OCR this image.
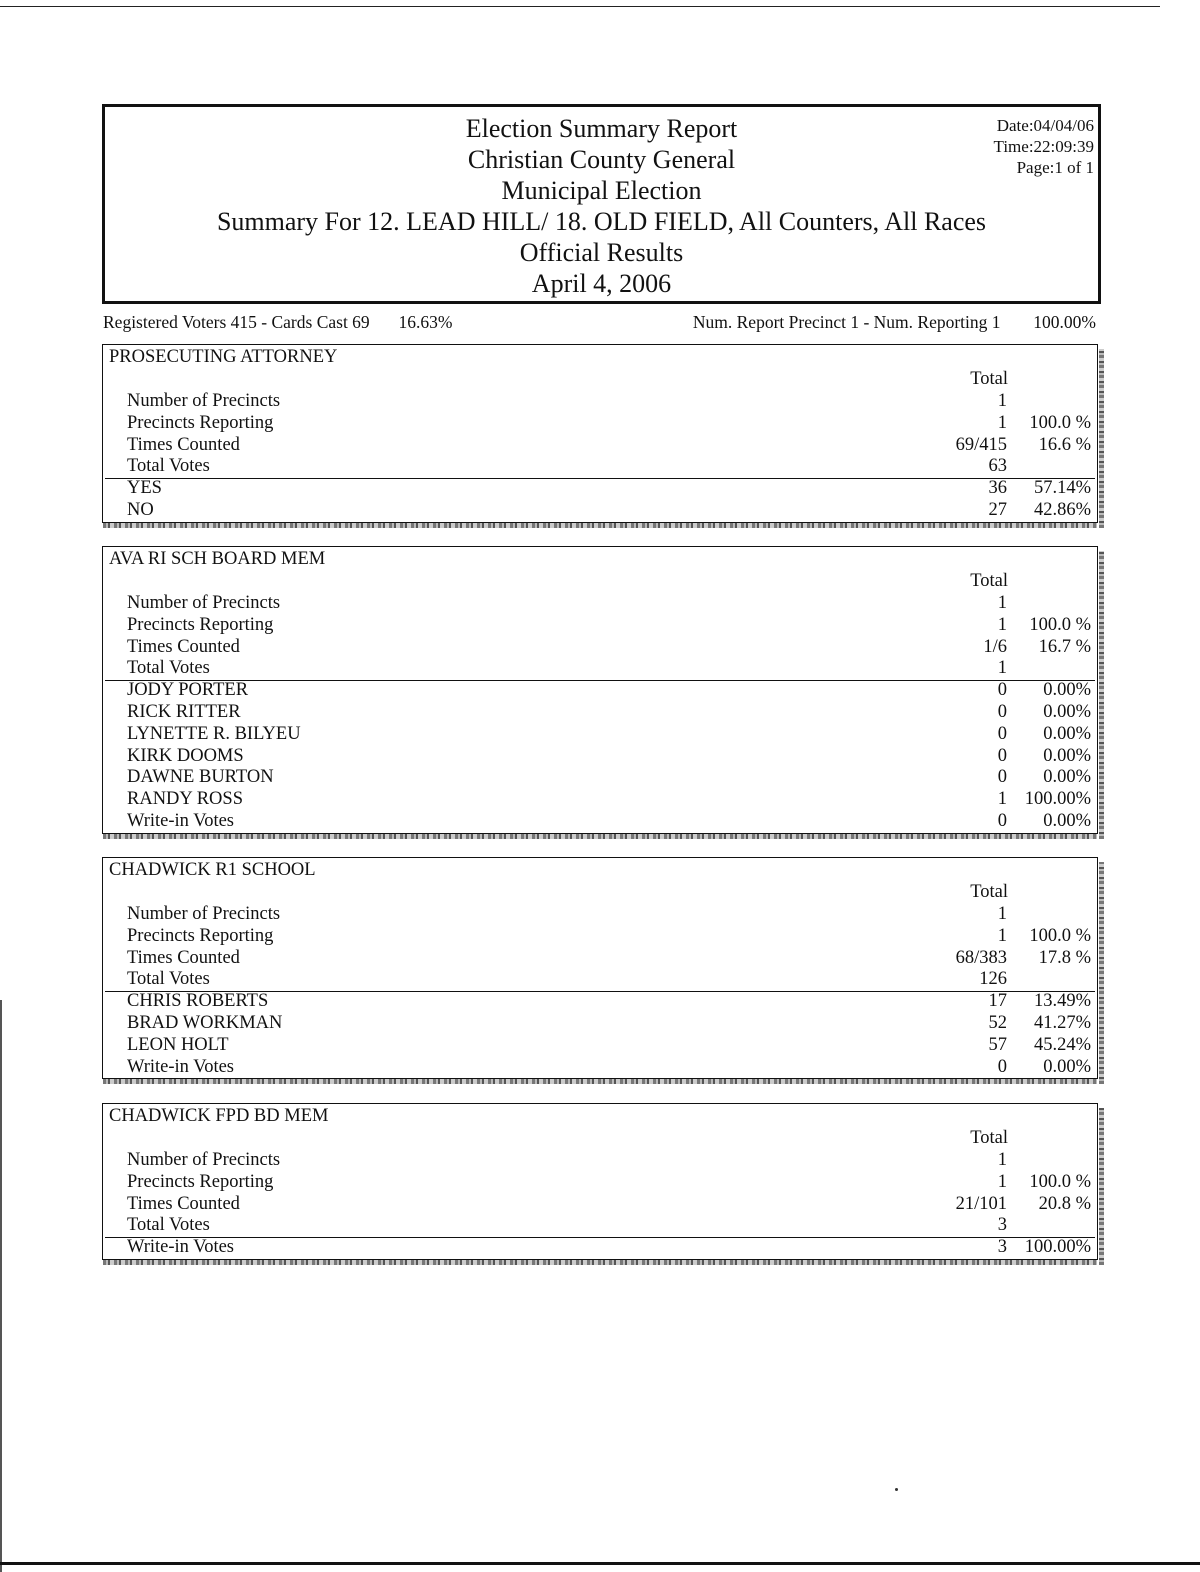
Election Summary Report
Christian County General
Municipal Election
Summary For 12. LEAD HILL/ 18. OLD FIELD, All Counters, All Races
Official Results
April 4, 2006
Date:04/04/06
Time:22:09:39
Page:1 of 1
Registered Voters 415 - Cards Cast 69 16.63%	Num. Report Precinct 1 - Num. Reporting 1 100.00%
PROSECUTING ATTORNEY
Total
Number of Precincts	1
Precincts Reporting	1 100.0 %
Times Counted	69/415 16.6 %
Total Votes	63
YES	36 57.14%
NO	27 42.86%
AVA RI SCH BOARD MEM
Total
Number of Precincts	1
Precincts Reporting	1 100.0 %
Times Counted	1/6 16.7 %
Total Votes	1
JODY PORTER	0 0.00%
RICK RITTER	0 0.00%
LYNETTE R. BILYEU	0 0.00%
KIRK DOOMS	0 0.00%
DAWNE BURTON	0 0.00%
RANDY ROSS	1 100.00%
Write-in Votes	0 0.00%
CHADWICK R1 SCHOOL
Total
Number of Precincts	1
Precincts Reporting	1 100.0 %
Times Counted	68/383 17.8 %
Total Votes	126
CHRIS ROBERTS	17 13.49%
BRAD WORKMAN	52 41.27%
LEON HOLT	57 45.24%
Write-in Votes	0 0.00%
CHADWICK FPD BD MEM
Total
Number of Precincts	1
Precincts Reporting	1 100.0 %
Times Counted	21/101 20.8 %
Total Votes	3
Write-in Votes	3 100.00%
